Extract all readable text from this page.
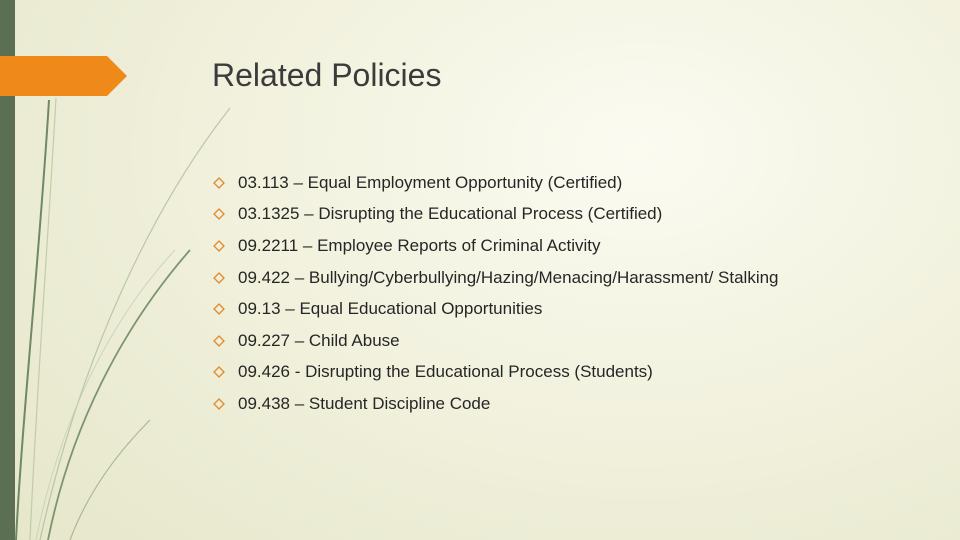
Related Policies
03.113 – Equal Employment Opportunity (Certified)
03.1325 – Disrupting the Educational Process (Certified)
09.2211 – Employee Reports of Criminal Activity
09.422 – Bullying/Cyberbullying/Hazing/Menacing/Harassment/ Stalking
09.13 – Equal Educational Opportunities
09.227 – Child Abuse
09.426 - Disrupting the Educational Process (Students)
09.438 – Student Discipline Code
